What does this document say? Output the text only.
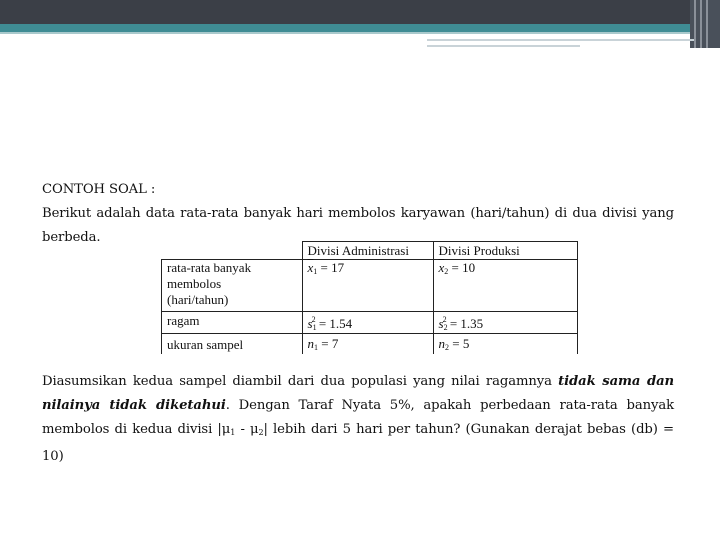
CONTOH SOAL :

Berikut adalah data rata-rata banyak hari membolos karyawan (hari/tahun) di dua divisi yang

berbeda.

	Divisi Administrasi	Divisi Produksi
rata-rata banyak
membolos
(hari/tahun)	$\overline{x}_1 = 17$	$\overline{x}_2 = 10$
ragam	$s_1^2 = 1.54$	$s_2^2 = 1.35$
ukuran sampel	$n_1 = 7$	$n_2 = 5$

Diasumsikan kedua sampel diambil dari dua populasi yang nilai ragamnya tidak sama dan

nilainya tidak diketahui. Dengan Taraf Nyata 5%, apakah perbedaan rata-rata banyak

membolos di kedua divisi $|\mu_1 - \mu_2|$ lebih dari 5 hari per tahun? (Gunakan derajat bebas (db) =

10)
